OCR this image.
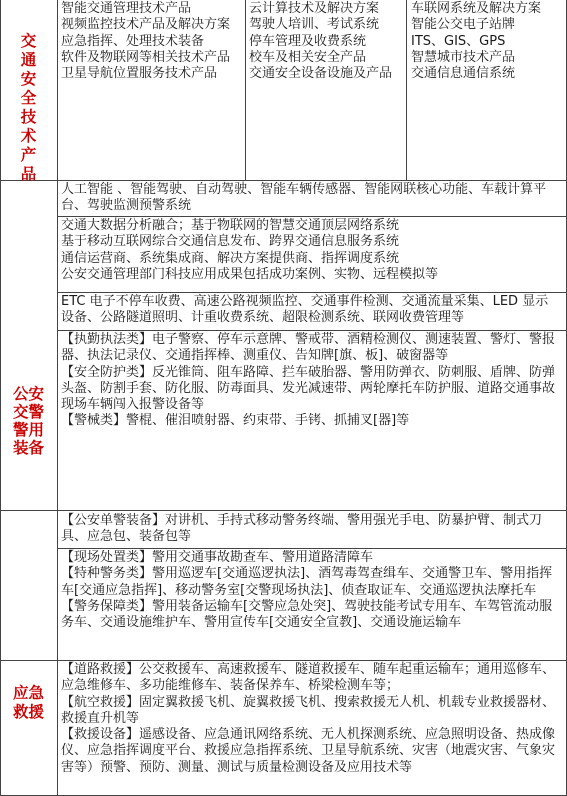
交通安全技术产品
公安交警警用装备
应急救援
智能交通管理技术产品
视频监控技术产品及解决方案
应急指挥、处理技术装备
软件及物联网等相关技术产品
卫星导航位置服务技术产品
云计算技术及解决方案
驾驶人培训、考试系统
停车管理及收费系统
校车及相关安全产品
交通安全设备设施及产品
车联网系统及解决方案
智能公交电子站牌
ITS、GIS、GPS
智慧城市技术产品
交通信息通信系统
人工智能 、智能驾驶、自动驾驶、智能车辆传感器、智能网联核心功能、车载计算平台、驾驶监测预警系统
交通大数据分析融合；基于物联网的智慧交通顶层网络系统
基于移动互联网综合交通信息发布、跨界交通信息服务系统
通信运营商、系统集成商、解决方案提供商、指挥调度系统
公安交通管理部门科技应用成果包括成功案例、实物、远程模拟等
ETC 电子不停车收费、高速公路视频监控、交通事件检测、交通流量采集、LED 显示设备、公路隧道照明、计重收费系统、超限检测系统、联网收费管理等
【执勤执法类】电子警察、停车示意牌、警戒带、酒精检测仪、测速装置、警灯、警报器、执法记录仪、交通指挥棒、测重仪、告知牌[旗、板]、破窗器等
【安全防护类】反光锥筒、阻车路障、拦车破胎器、警用防弹衣、防刺服、盾牌、防弹头盔、防割手套、防化服、防毒面具、发光减速带、两轮摩托车防护服、道路交通事故现场车辆闯入报警设备等
【警械类】警棍、催泪喷射器、约束带、手铐、抓捕叉[器]等
【公安单警装备】对讲机、手持式移动警务终端、警用强光手电、防暴护臂、制式刀具、应急包、装备包等
【现场处置类】警用交通事故勘查车、警用道路清障车
【特种警务类】警用巡逻车[交通巡逻执法]、酒驾毒驾查缉车、交通警卫车、警用指挥车[交通应急指挥]、移动警务室[交警现场执法]、侦查取证车、交通巡逻执法摩托车
【警务保障类】警用装备运输车[交警应急处突]、驾驶技能考试专用车、车驾管流动服务车、交通设施维护车、警用宣传车[交通安全宣教]、交通设施运输车
【道路救援】公交救援车、高速救援车、隧道救援车、随车起重运输车；通用巡修车、应急维修车、多功能维修车、装备保养车、桥梁检测车等；
【航空救援】固定翼救援飞机、旋翼救援飞机、搜索救援无人机、机载专业救援器材、救援直升机等
【救援设备】遥感设备、应急通讯网络系统、无人机探测系统、应急照明设备、热成像仪、应急指挥调度平台、救援应急指挥系统、卫星导航系统、灾害（地震灾害、气象灾害等）预警、预防、测量、测试与质量检测设备及应用技术等
